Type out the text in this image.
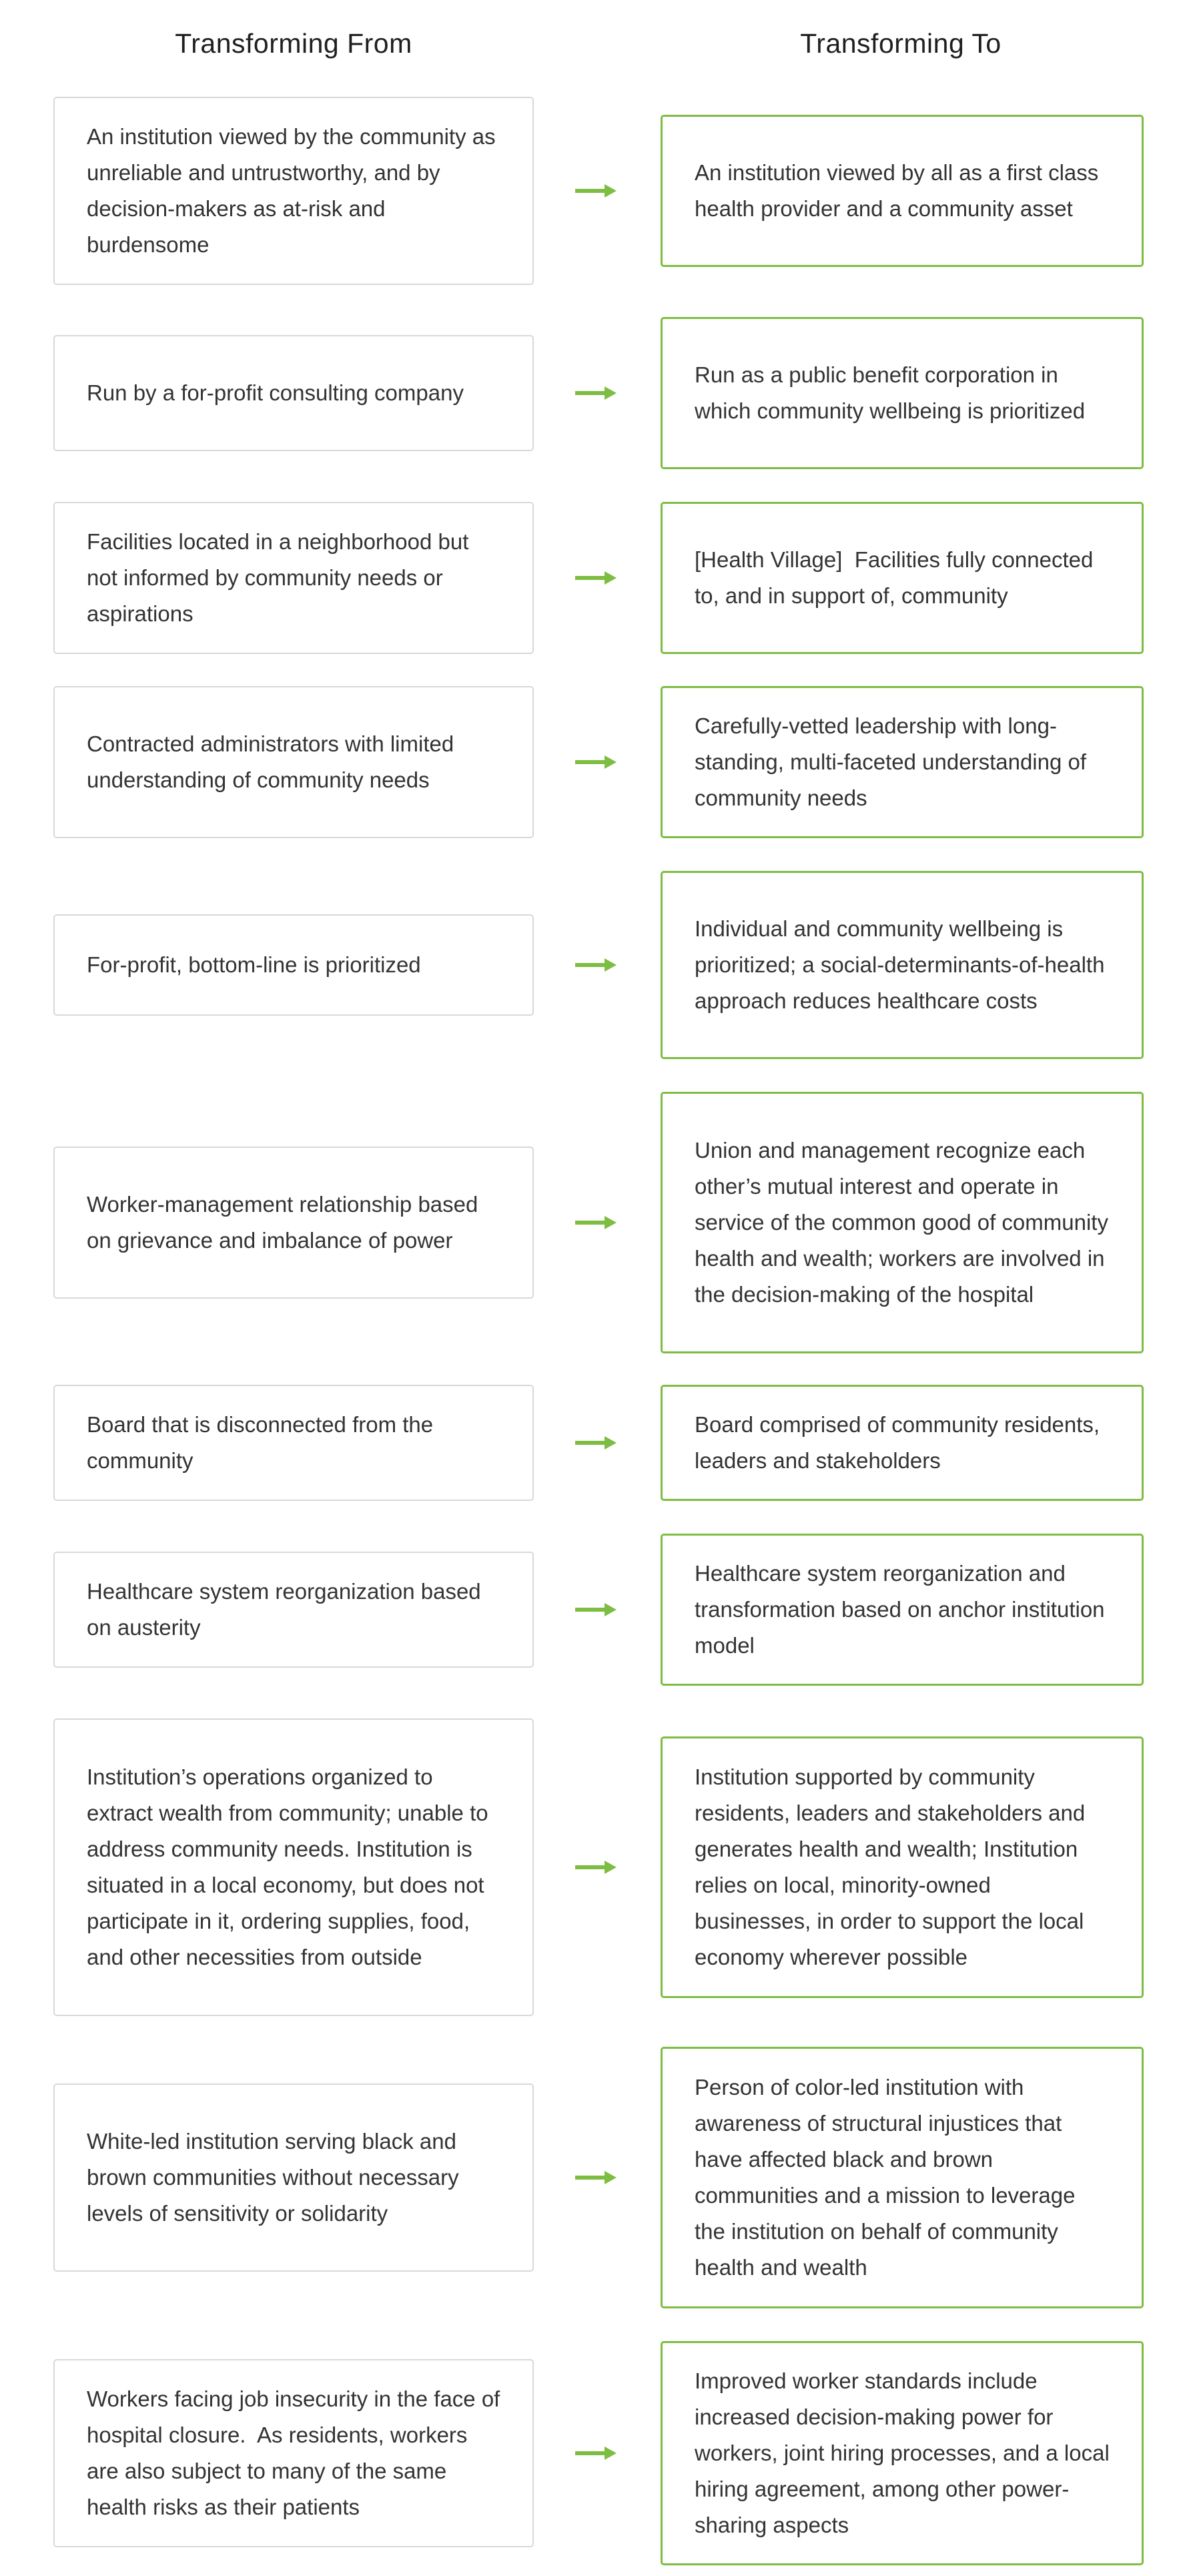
Transforming From	Transforming To
An institution viewed by the community as unreliable and untrustworthy, and by decision-makers as at-risk and burdensome
An institution viewed by all as a first class health provider and a community asset
Run by a for-profit consulting company
Run as a public benefit corporation in which community wellbeing is prioritized
Facilities located in a neighborhood but not informed by community needs or aspirations
[Health Village]  Facilities fully connected to, and in support of, community
Contracted administrators with limited understanding of community needs
Carefully-vetted leadership with long-standing, multi-faceted understanding of community needs
For-profit, bottom-line is prioritized
Individual and community wellbeing is prioritized; a social-determinants-of-health approach reduces healthcare costs
Worker-management relationship based on grievance and imbalance of power
Union and management recognize each other’s mutual interest and operate in service of the common good of community health and wealth; workers are involved in the decision-making of the hospital
Board that is disconnected from the community
Board comprised of community residents, leaders and stakeholders
Healthcare system reorganization based on austerity
Healthcare system reorganization and transformation based on anchor institution model
Institution’s operations organized to extract wealth from community; unable to address community needs. Institution is situated in a local economy, but does not participate in it, ordering supplies, food, and other necessities from outside
Institution supported by community residents, leaders and stakeholders and generates health and wealth; Institution relies on local, minority-owned businesses, in order to support the local economy wherever possible
White-led institution serving black and brown communities without necessary levels of sensitivity or solidarity
Person of color-led institution with awareness of structural injustices that have affected black and brown communities and a mission to leverage the institution on behalf of community health and wealth
Workers facing job insecurity in the face of hospital closure.  As residents, workers are also subject to many of the same health risks as their patients
Improved worker standards include increased decision-making power for workers, joint hiring processes, and a local hiring agreement, among other power-sharing aspects
